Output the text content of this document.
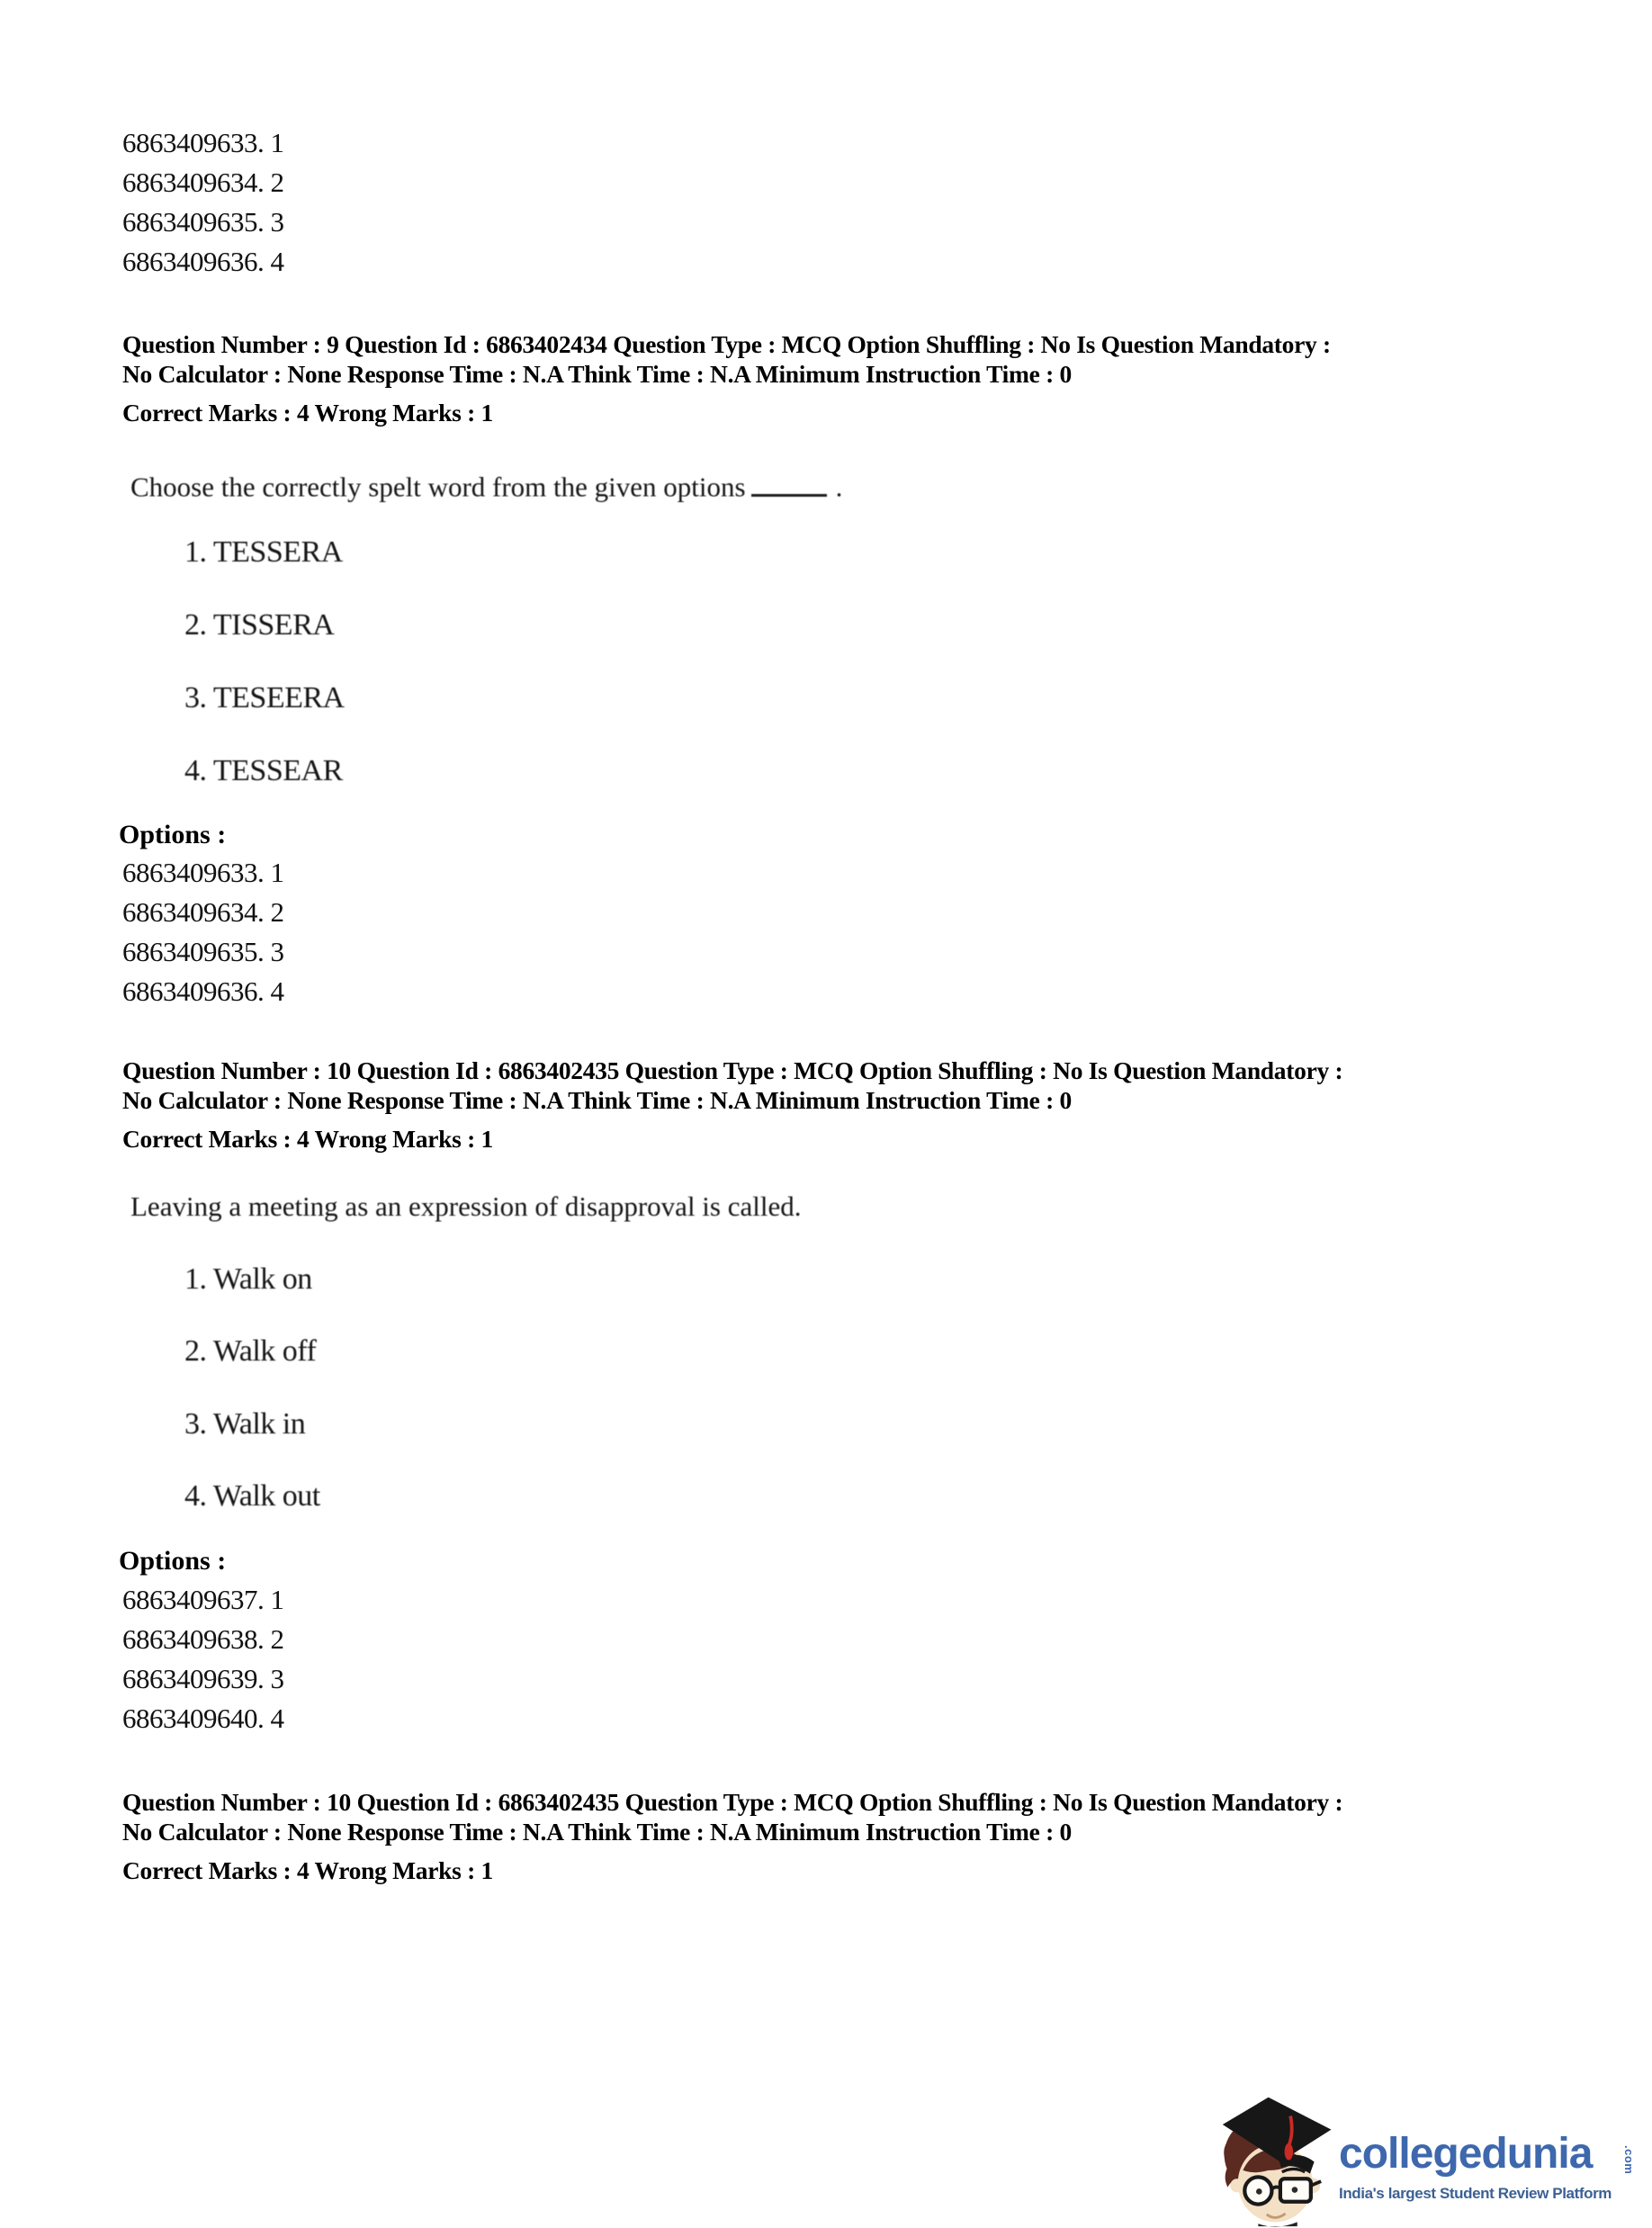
6863409633. 1
6863409634. 2
6863409635. 3
6863409636. 4
Question Number : 9 Question Id : 6863402434 Question Type : MCQ Option Shuffling : No Is Question Mandatory :
No Calculator : None Response Time : N.A Think Time : N.A Minimum Instruction Time : 0
Correct Marks : 4 Wrong Marks : 1
Choose the correctly spelt word from the given options	.
1. TESSERA
2. TISSERA
3. TESEERA
4. TESSEAR
Options :
6863409633. 1
6863409634. 2
6863409635. 3
6863409636. 4
Question Number : 10 Question Id : 6863402435 Question Type : MCQ Option Shuffling : No Is Question Mandatory :
No Calculator : None Response Time : N.A Think Time : N.A Minimum Instruction Time : 0
Correct Marks : 4 Wrong Marks : 1
Leaving a meeting as an expression of disapproval is called.
1. Walk on
2. Walk off
3. Walk in
4. Walk out
Options :
6863409637. 1
6863409638. 2
6863409639. 3
6863409640. 4
Question Number : 10 Question Id : 6863402435 Question Type : MCQ Option Shuffling : No Is Question Mandatory :
No Calculator : None Response Time : N.A Think Time : N.A Minimum Instruction Time : 0
Correct Marks : 4 Wrong Marks : 1
collegedunia	.com
India's largest Student Review Platform
